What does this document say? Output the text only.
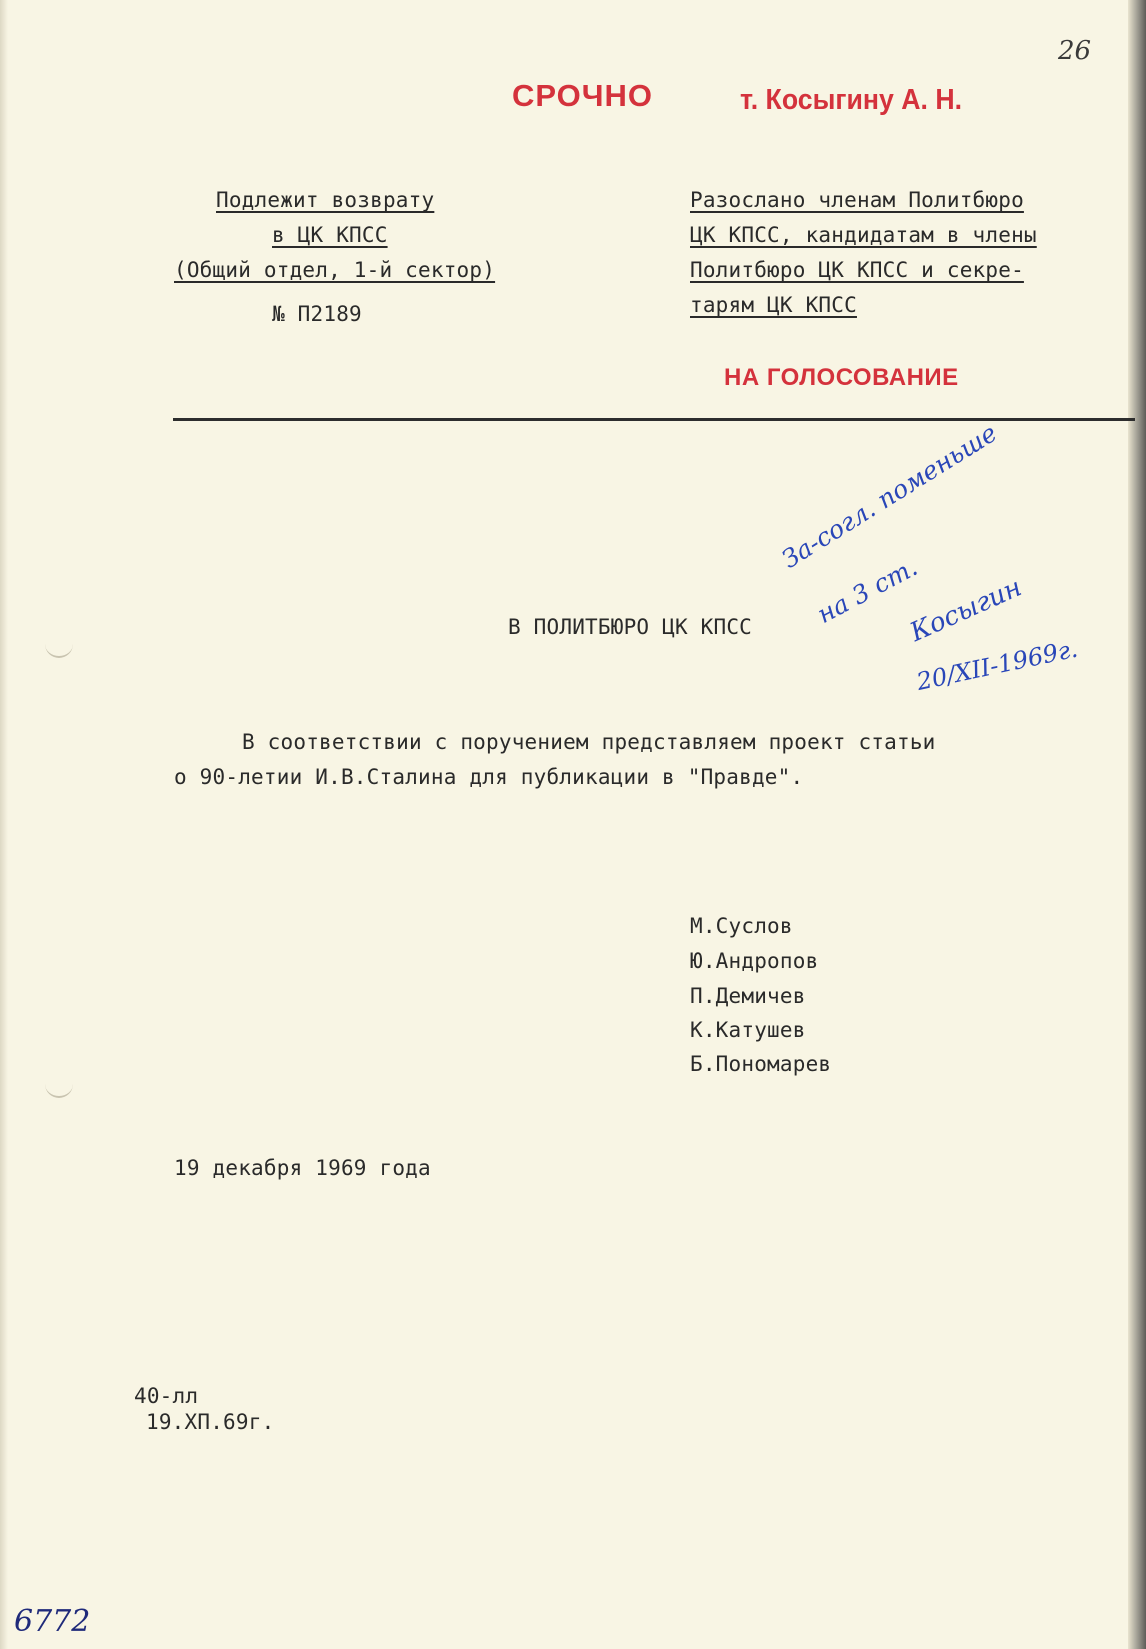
26
СРОЧНО	т. Косыгину А. Н.
Подлежит возврату
в ЦК КПСС
(Общий отдел, 1-й сектор)
№ П2189
Разослано членам Политбюро
ЦК КПСС, кандидатам в члены
Политбюро ЦК КПСС и секре-
тарям ЦК КПСС
НА ГОЛОСОВАНИЕ
В ПОЛИТБЮРО ЦК КПСС
За-согл. поменьше
на 3 ст.
Косыгин
20/XII-1969г.
В соответствии с поручением представляем проект статьи
о 90-летии И.В.Сталина для публикации в "Правде".
М.Суслов
Ю.Андропов
П.Демичев
К.Катушев
Б.Пономарев
19 декабря 1969 года
40-лл
19.XП.69г.
6772
